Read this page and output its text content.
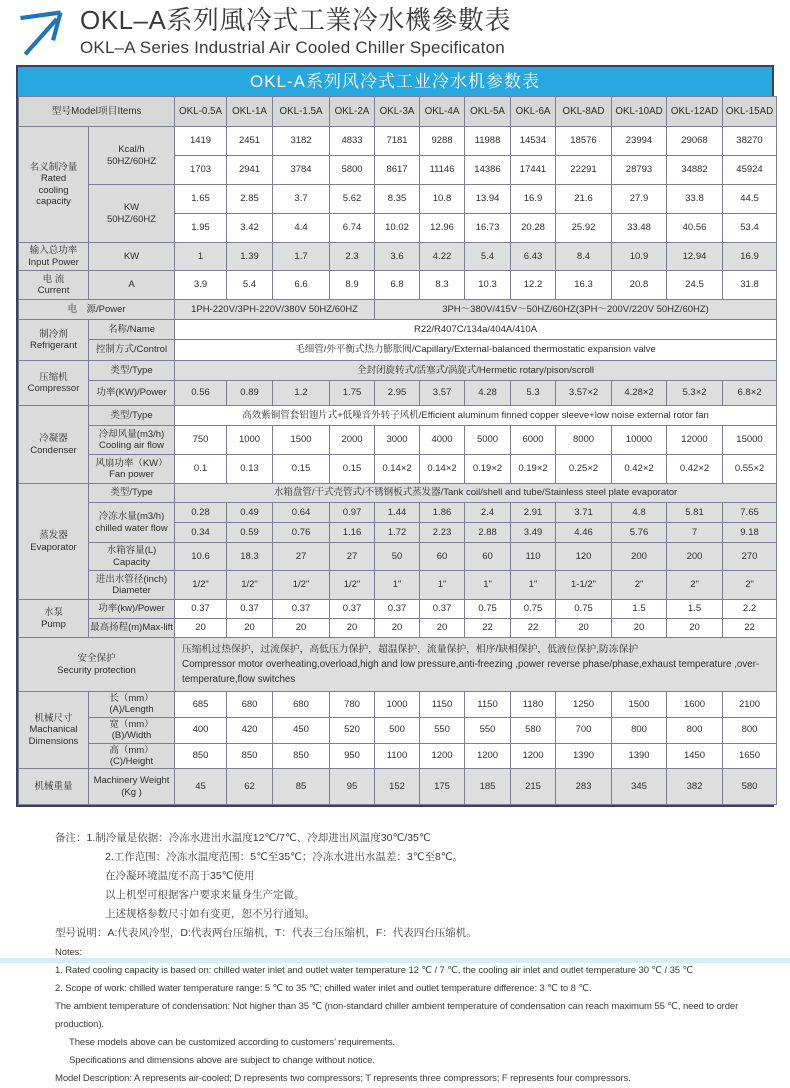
OKL–A系列風冷式工業冷水機參數表
OKL–A Series Industrial Air Cooled Chiller Specificaton
OKL-A系列风冷式工业冷水机参数表
型号Model项目Items		OKL-0.5A	OKL-1A	OKL-1.5A	OKL-2A	OKL-3A	OKL-4A	OKL-5A	OKL-6A	OKL-8AD	OKL-10AD	OKL-12AD	OKL-15AD
名义制冷量
Rated
cooling
capacity	Kcal/h
50HZ/60HZ	1419	2451	3182	4833	7181	9288	11988	14534	18576	23994	29068	38270
		1703	2941	3784	5800	8617	11146	14386	17441	22291	28793	34882	45924
	KW
50HZ/60HZ	1.65	2.85	3.7	5.62	8.35	10.8	13.94	16.9	21.6	27.9	33.8	44.5
		1.95	3.42	4.4	6.74	10.02	12.96	16.73	20.28	25.92	33.48	40.56	53.4
输入总功率
Input Power	KW	1	1.39	1.7	2.3	3.6	4.22	5.4	6.43	8.4	10.9	12.94	16.9
电 流
Current	A	3.9	5.4	6.6	8.9	6.8	8.3	10.3	12.2	16.3	20.8	24.5	31.8
电　源/Power		1PH-220V/3PH-220V/380V 50HZ/60HZ				3PH～380V/415V～50HZ/60HZ(3PH～200V/220V 50HZ/60HZ)							
制冷剂
Refrigerant	名称/Name	R22/R407C/134a/404A/410A											
	控制方式/Control	毛细管/外平衡式热力膨胀阀/Capillary/External-balanced thermostatic expansion valve											
压缩机
Compressor	类型/Type	全封闭旋转式/活塞式/涡旋式/Hermetic rotary/pison/scroll											
	功率(KW)/Power	0.56	0.89	1.2	1.75	2.95	3.57	4.28	5.3	3.57×2	4.28×2	5.3×2	6.8×2
冷凝器
Condenser	类型/Type	高效紫铜管套铝翅片式+低噪音外转子风机/Efficient aluminum finned copper sleeve+low noise external rotor fan											
	冷却风量(m3/h)
Cooling air flow	750	1000	1500	2000	3000	4000	5000	6000	8000	10000	12000	15000
	风扇功率（KW）
Fan power	0.1	0.13	0.15	0.15	0.14×2	0.14×2	0.19×2	0.19×2	0.25×2	0.42×2	0.42×2	0.55×2
蒸发器
Evaporator	类型/Type	水箱盘管/干式壳管式/不锈钢板式蒸发器/Tank coil/shell and tube/Stainless steel plate evaporator											
	冷冻水量(m3/h)
chilled water flow	0.28	0.49	0.64	0.97	1.44	1.86	2.4	2.91	3.71	4.8	5.81	7.65
		0.34	0.59	0.76	1.16	1.72	2.23	2.88	3.49	4.46	5.76	7	9.18
	水箱容量(L)
Capacity	10.6	18.3	27	27	50	60	60	110	120	200	200	270
	进出水管径(inch)
Diameter	1/2"	1/2"	1/2"	1/2"	1"	1"	1"	1"	1-1/2"	2"	2"	2"
水泵
Pump	功率(kw)/Power	0.37	0.37	0.37	0.37	0.37	0.37	0.75	0.75	0.75	1.5	1.5	2.2
	最高扬程(m)Max-lift	20	20	20	20	20	20	22	22	20	20	20	22
安全保护
Security protection		压缩机过热保护，过流保护，高低压力保护，超温保护，流量保护，相序/缺相保护，低液位保护,防冻保护
Compressor motor overheating,overload,high and low pressure,anti-freezing ,power reverse phase/phase,exhaust temperature ,over-
temperature,flow switches											
机械尺寸
Machanical
Dimensions	长（mm）(A)/Length	685	680	680	780	1000	1150	1150	1180	1250	1500	1600	2100
	宽（mm）(B)/Width	400	420	450	520	500	550	550	580	700	800	800	800
	高（mm）(C)/Height	850	850	850	950	1100	1200	1200	1200	1390	1390	1450	1650
机械重量	Machinery Weight
(Kg )	45	62	85	95	152	175	185	215	283	345	382	580
备注：1.制冷量是依据：冷冻水进出水温度12℃/7℃、冷却进出风温度30℃/35℃
2.工作范围：冷冻水温度范围：5℃至35℃；冷冻水进出水温差：3℃至8℃。
在冷凝环境温度不高于35℃使用
以上机型可根据客户要求来量身生产定做。
上述规格参数尺寸如有变更，恕不另行通知。
型号说明：A:代表风冷型，D:代表两台压缩机，T：代表三台压缩机，F：代表四台压缩机。
Notes:
1. Rated cooling capacity is based on: chilled water inlet and outlet water temperature 12 ℃ / 7 ℃, the cooling air inlet and outlet temperature 30 ℃ / 35 ℃
2. Scope of work: chilled water temperature range: 5 ℃ to 35 ℃; chilled water inlet and outlet temperature difference: 3 ℃ to 8 ℃.
The ambient temperature of condensation: Not higher than 35 ℃ (non-standard chiller ambient temperature of condensation can reach maximum 55 ℃, need to order production).
These models above can be customized according to customers’ requirements.
Specifications and dimensions above are subject to change without notice.
Model Description: A represents air-cooled; D represents two compressors; T represents three compressors; F represents four compressors.
